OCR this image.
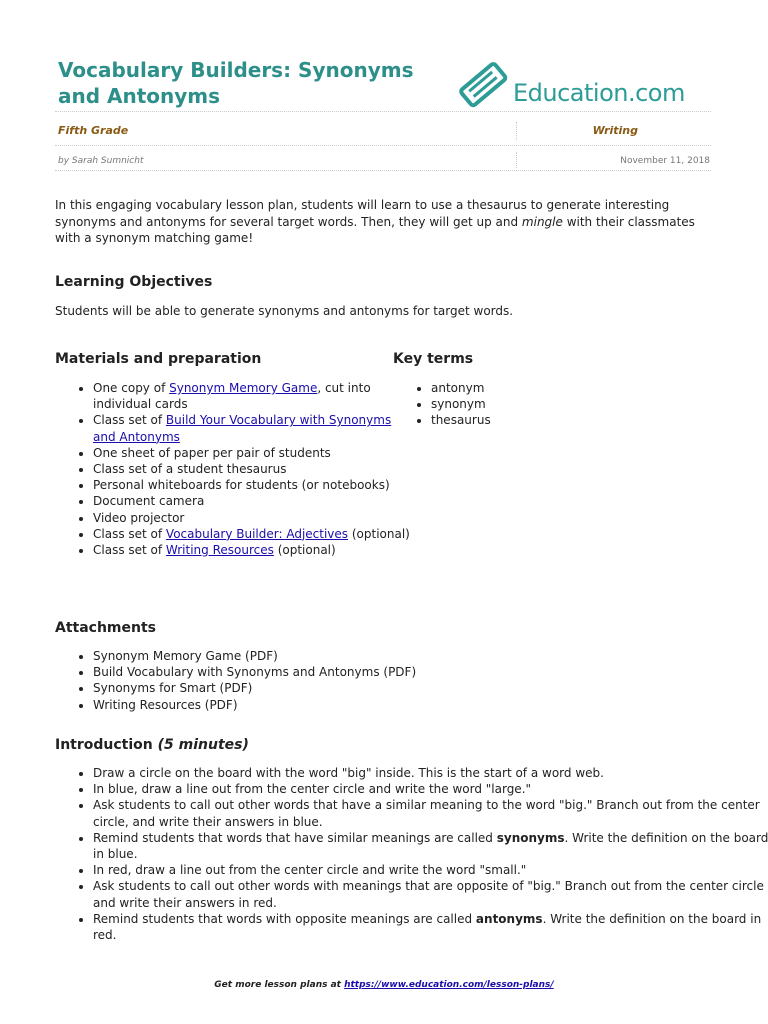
Vocabulary Builders: Synonyms and Antonyms	Education.com
Fifth Grade	Writing
by Sarah Sumnicht	November 11, 2018

In this engaging vocabulary lesson plan, students will learn to use a thesaurus to generate interesting synonyms and antonyms for several target words. Then, they will get up and mingle with their classmates with a synonym matching game!

Learning Objectives

Students will be able to generate synonyms and antonyms for target words.

Materials and preparation
• One copy of Synonym Memory Game, cut into individual cards
• Class set of Build Your Vocabulary with Synonyms and Antonyms
• One sheet of paper per pair of students
• Class set of a student thesaurus
• Personal whiteboards for students (or notebooks)
• Document camera
• Video projector
• Class set of Vocabulary Builder: Adjectives (optional)
• Class set of Writing Resources (optional)
Key terms
• antonym
• synonym
• thesaurus
Attachments
• Synonym Memory Game (PDF)
• Build Vocabulary with Synonyms and Antonyms (PDF)
• Synonyms for Smart (PDF)
• Writing Resources (PDF)
Introduction (5 minutes)
• Draw a circle on the board with the word "big" inside. This is the start of a word web.
• In blue, draw a line out from the center circle and write the word "large."
• Ask students to call out other words that have a similar meaning to the word "big." Branch out from the center circle, and write their answers in blue.
• Remind students that words that have similar meanings are called synonyms. Write the definition on the board in blue.
• In red, draw a line out from the center circle and write the word "small."
• Ask students to call out other words with meanings that are opposite of "big." Branch out from the center circle and write their answers in red.
• Remind students that words with opposite meanings are called antonyms. Write the definition on the board in red.
Get more lesson plans at https://www.education.com/lesson-plans/
